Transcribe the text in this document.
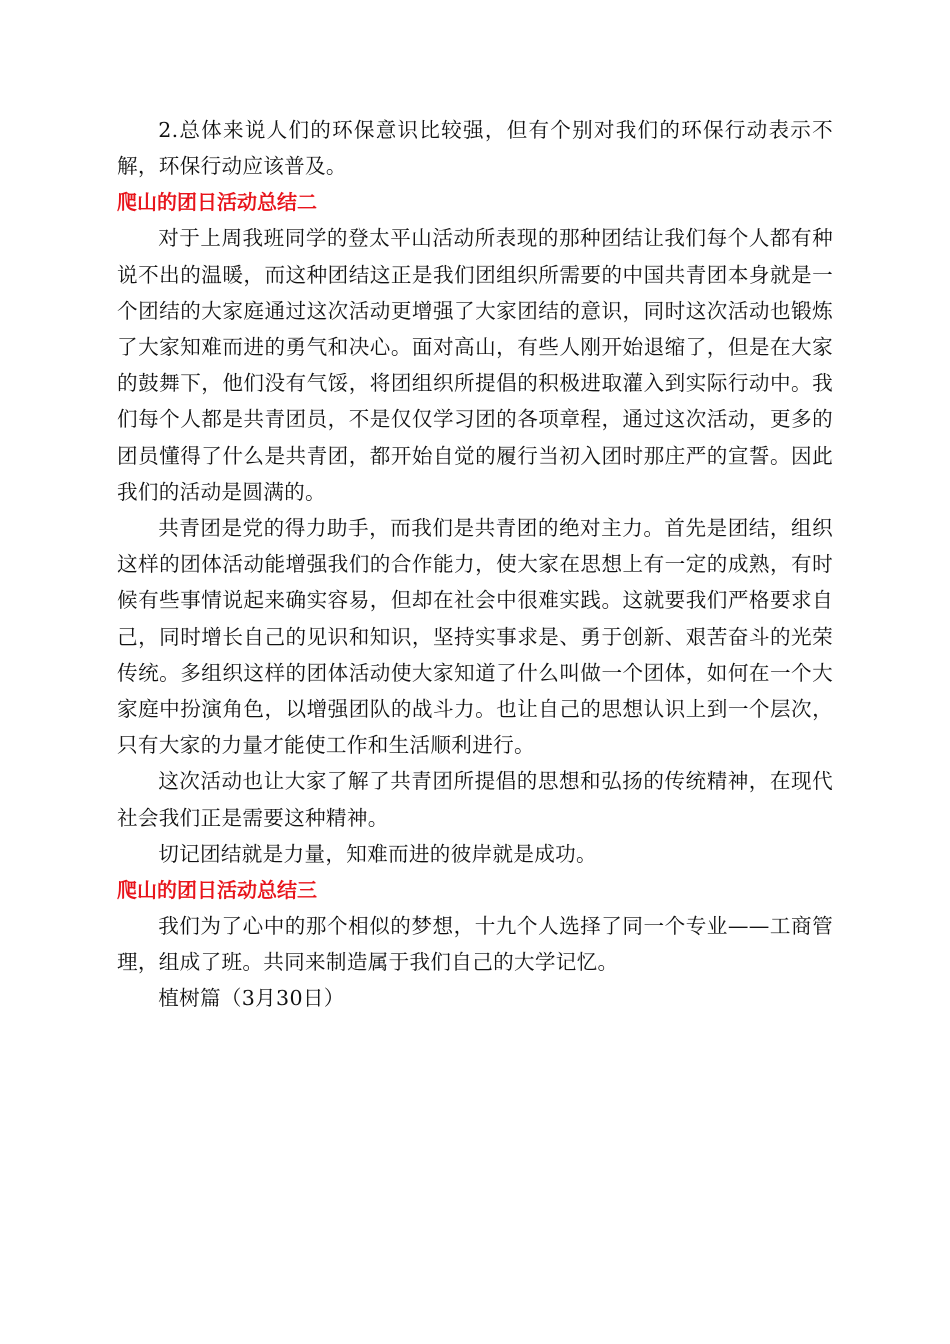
2.总体来说人们的环保意识比较强，但有个别对我们的环保行动表示不解，环保行动应该普及。

爬山的团日活动总结二

对于上周我班同学的登太平山活动所表现的那种团结让我们每个人都有种说不出的温暖，而这种团结这正是我们团组织所需要的中国共青团本身就是一个团结的大家庭通过这次活动更增强了大家团结的意识，同时这次活动也锻炼了大家知难而进的勇气和决心。面对高山，有些人刚开始退缩了，但是在大家的鼓舞下，他们没有气馁，将团组织所提倡的积极进取灌入到实际行动中。我们每个人都是共青团员，不是仅仅学习团的各项章程，通过这次活动，更多的团员懂得了什么是共青团，都开始自觉的履行当初入团时那庄严的宣誓。因此我们的活动是圆满的。

共青团是党的得力助手，而我们是共青团的绝对主力。首先是团结，组织这样的团体活动能增强我们的合作能力，使大家在思想上有一定的成熟，有时候有些事情说起来确实容易，但却在社会中很难实践。这就要我们严格要求自己，同时增长自己的见识和知识，坚持实事求是、勇于创新、艰苦奋斗的光荣传统。多组织这样的团体活动使大家知道了什么叫做一个团体，如何在一个大家庭中扮演角色，以增强团队的战斗力。也让自己的思想认识上到一个层次，只有大家的力量才能使工作和生活顺利进行。

这次活动也让大家了解了共青团所提倡的思想和弘扬的传统精神，在现代社会我们正是需要这种精神。

切记团结就是力量，知难而进的彼岸就是成功。

爬山的团日活动总结三

我们为了心中的那个相似的梦想，十九个人选择了同一个专业——工商管理，组成了班。共同来制造属于我们自己的大学记忆。

植树篇（3月30日）
